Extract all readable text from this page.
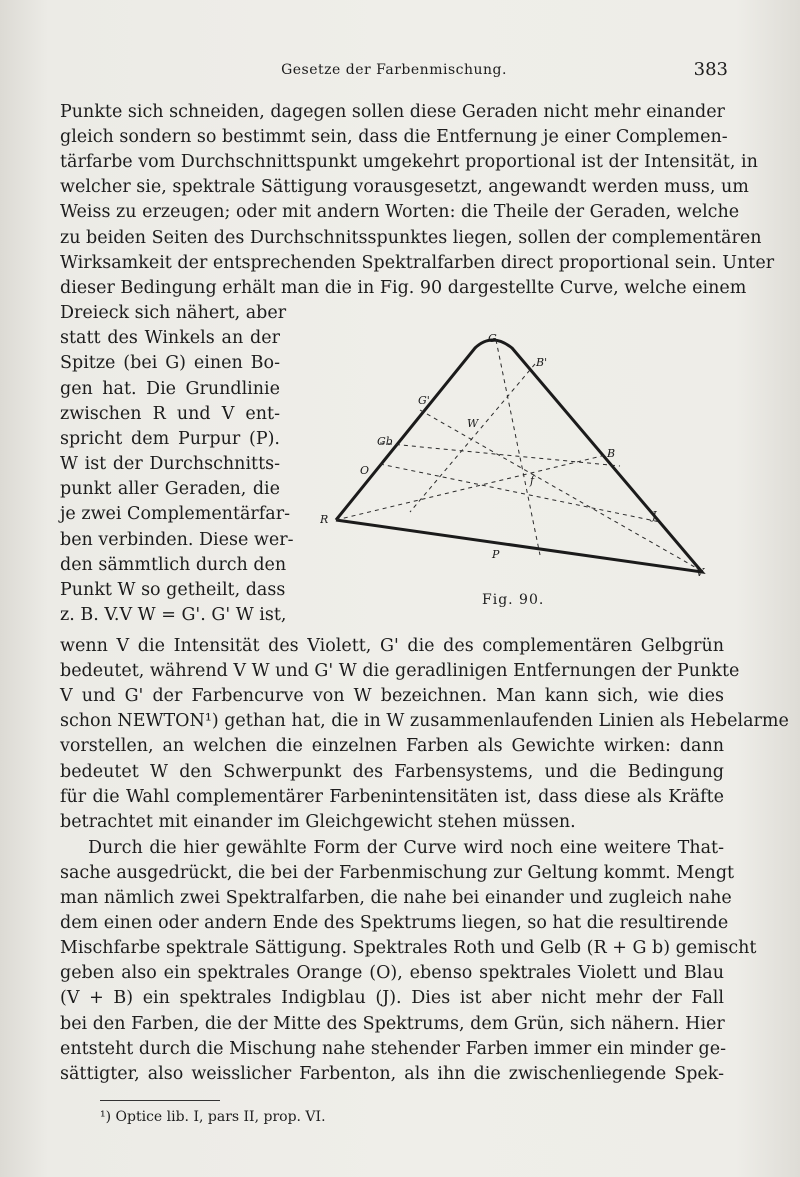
Gesetze der Farbenmischung.	383
Punkte sich schneiden, dagegen sollen diese Geraden nicht mehr einander
gleich sondern so bestimmt sein, dass die Entfernung je einer Complemen-
tärfarbe vom Durchschnittspunkt umgekehrt proportional ist der Intensität, in
welcher sie, spektrale Sättigung vorausgesetzt, angewandt werden muss, um
Weiss zu erzeugen; oder mit andern Worten: die Theile der Geraden, welche
zu beiden Seiten des Durchschnitsspunktes liegen, sollen der complementären
Wirksamkeit der entsprechenden Spektralfarben direct proportional sein. Unter
dieser Bedingung erhält man die in Fig. 90 dargestellte Curve, welche einem
Dreieck sich nähert, aber
statt des Winkels an der
Spitze (bei G) einen Bo-
gen hat. Die Grundlinie
zwischen R und V ent-
spricht dem Purpur (P).
W ist der Durchschnitts-
punkt aller Geraden, die
je zwei Complementärfar-
ben verbinden. Diese wer-
den sämmtlich durch den
Punkt W so getheilt, dass
z. B. V.V W = G'. G' W ist,
G
B'
G'
W
Gb
O
f
B
R	J
P
V
Fig. 90.
wenn V die Intensität des Violett, G' die des complementären Gelbgrün
bedeutet, während V W und G' W die geradlinigen Entfernungen der Punkte
V und G' der Farbencurve von W bezeichnen. Man kann sich, wie dies
schon NEWTON¹) gethan hat, die in W zusammenlaufenden Linien als Hebelarme
vorstellen, an welchen die einzelnen Farben als Gewichte wirken: dann
bedeutet W den Schwerpunkt des Farbensystems, und die Bedingung
für die Wahl complementärer Farbenintensitäten ist, dass diese als Kräfte
betrachtet mit einander im Gleichgewicht stehen müssen.
Durch die hier gewählte Form der Curve wird noch eine weitere That-
sache ausgedrückt, die bei der Farbenmischung zur Geltung kommt. Mengt
man nämlich zwei Spektralfarben, die nahe bei einander und zugleich nahe
dem einen oder andern Ende des Spektrums liegen, so hat die resultirende
Mischfarbe spektrale Sättigung. Spektrales Roth und Gelb (R + G b) gemischt
geben also ein spektrales Orange (O), ebenso spektrales Violett und Blau
(V + B) ein spektrales Indigblau (J). Dies ist aber nicht mehr der Fall
bei den Farben, die der Mitte des Spektrums, dem Grün, sich nähern. Hier
entsteht durch die Mischung nahe stehender Farben immer ein minder ge-
sättigter, also weisslicher Farbenton, als ihn die zwischenliegende Spek-
¹) Optice lib. I, pars II, prop. VI.
